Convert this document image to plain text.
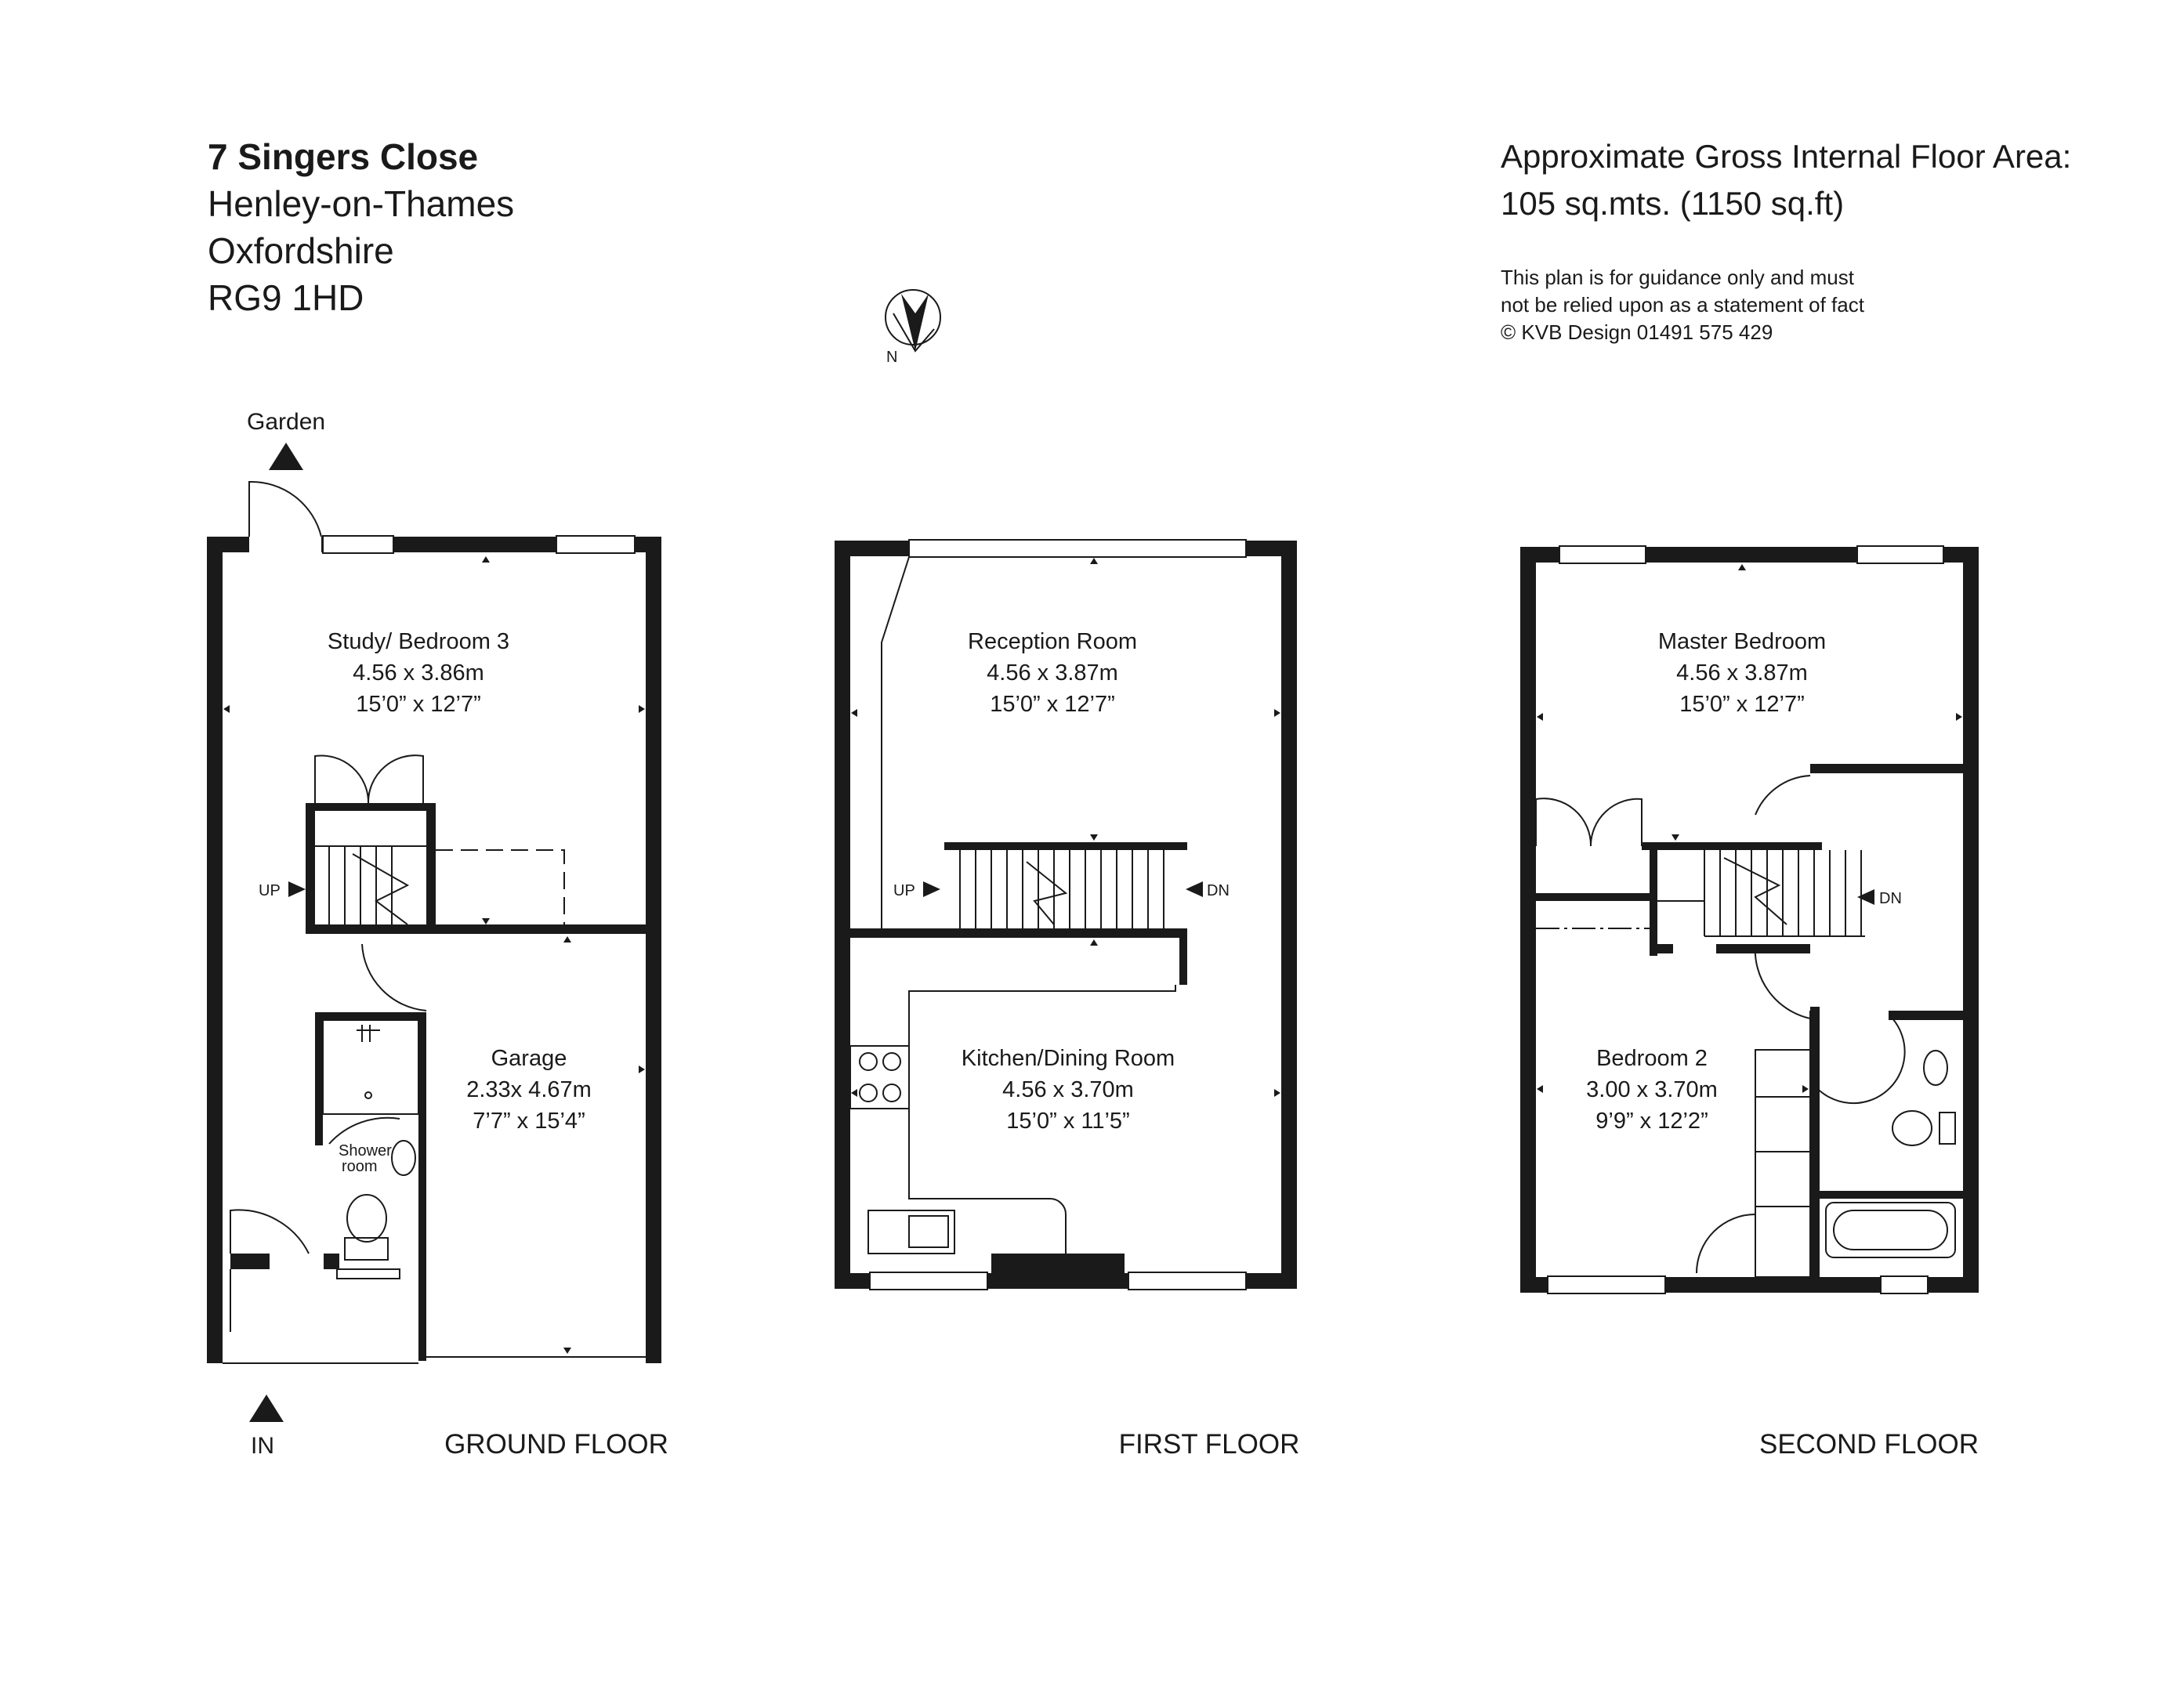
7 Singers Close
Henley-on-Thames
Oxfordshire
RG9 1HD
Approximate Gross Internal Floor Area:
105 sq.mts. (1150 sq.ft)
This plan is for guidance only and must
not be relied upon as a statement of fact
© KVB Design 01491 575 429
N
Garden
UP
Shower
room
IN
Study/ Bedroom 3
4.56 x 3.86m
15’0” x 12’7”
Garage
2.33x 4.67m
7’7” x 15’4”
GROUND FLOOR
UP	DN
Reception Room
4.56 x 3.87m
15’0” x 12’7”
Kitchen/Dining Room
4.56 x 3.70m
15’0” x 11’5”
FIRST FLOOR
DN
Master Bedroom
4.56 x 3.87m
15’0” x 12’7”
Bedroom 2
3.00 x 3.70m
9’9” x 12’2”
SECOND FLOOR
